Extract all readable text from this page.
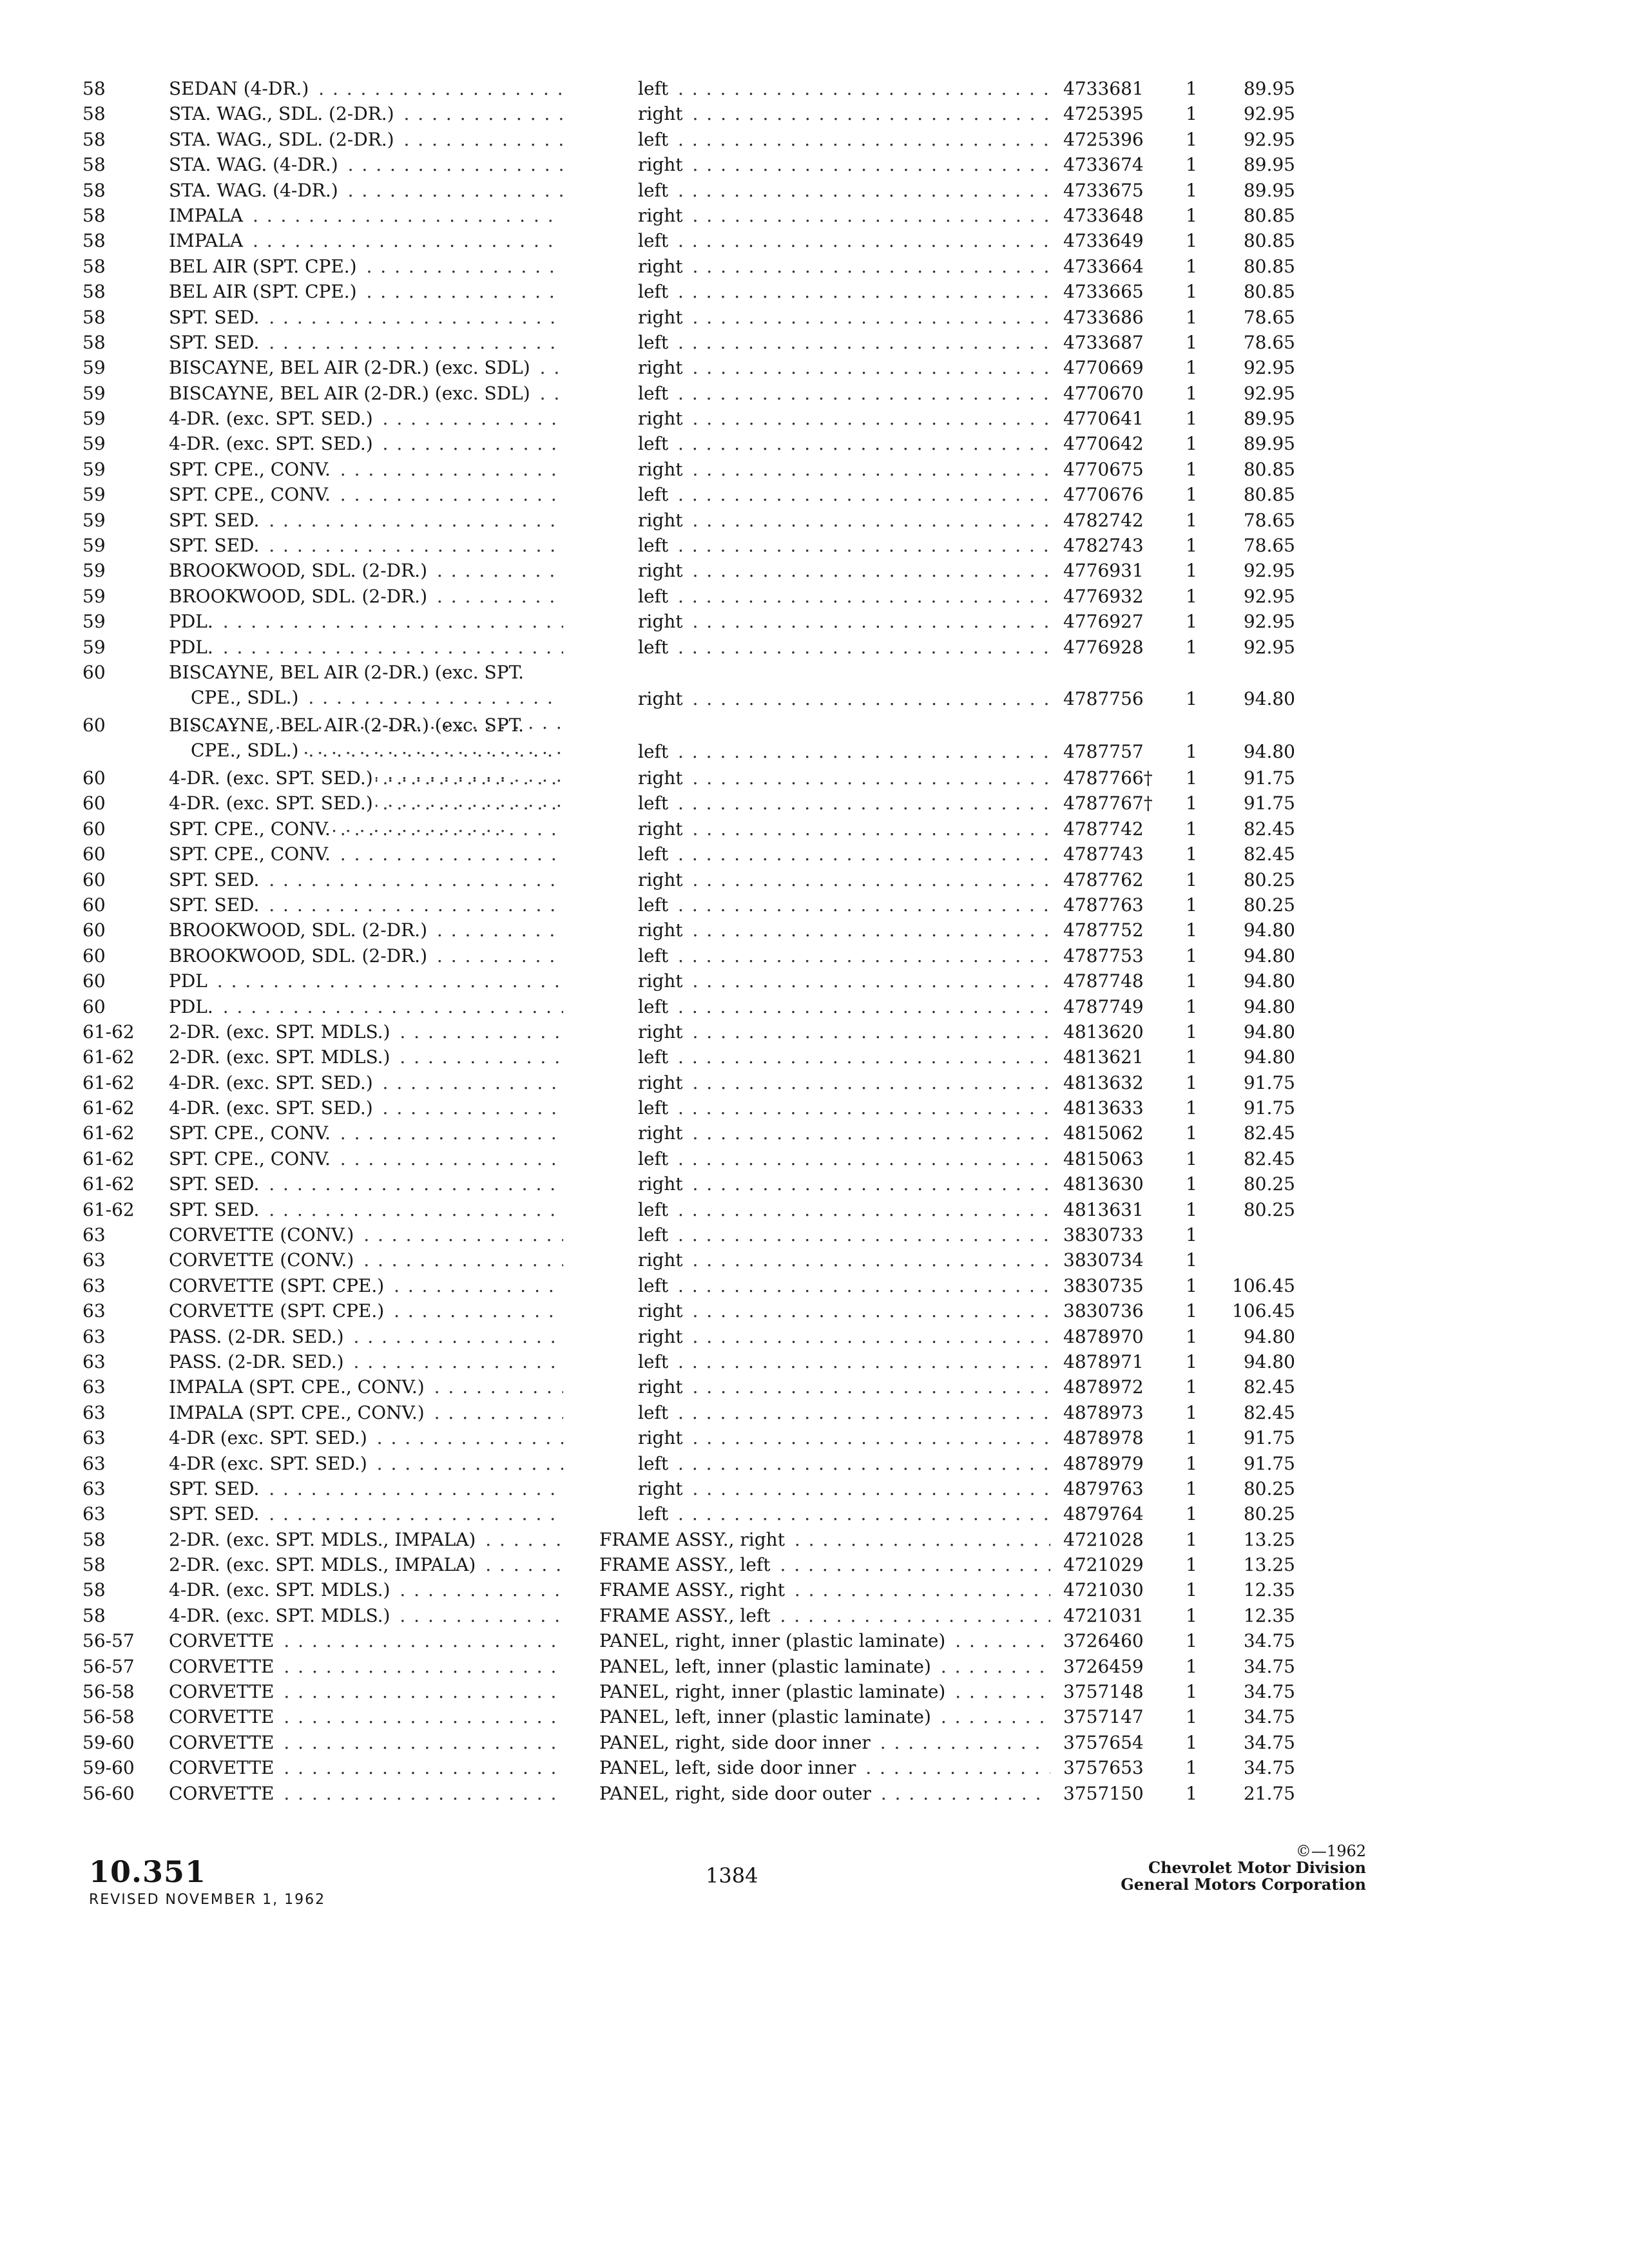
58	SEDAN (4-DR.) . . .	left . . .	4733681	1	89.95
58	STA. WAG., SDL. (2-DR.) . . .	right . . .	4725395	1	92.95
58	STA. WAG., SDL. (2-DR.) . . .	left . . .	4725396	1	92.95
58	STA. WAG. (4-DR.) . . .	right . . .	4733674	1	89.95
58	STA. WAG. (4-DR.) . . .	left . . .	4733675	1	89.95
58	IMPALA . . .	right . . .	4733648	1	80.85
58	IMPALA . . .	left . . .	4733649	1	80.85
58	BEL AIR (SPT. CPE.) . . .	right . . .	4733664	1	80.85
58	BEL AIR (SPT. CPE.) . . .	left . . .	4733665	1	80.85
58	SPT. SED. . . .	right . . .	4733686	1	78.65
58	SPT. SED. . . .	left . . .	4733687	1	78.65
59	BISCAYNE, BEL AIR (2-DR.) (exc. SDL) . . .	right . . .	4770669	1	92.95
59	BISCAYNE, BEL AIR (2-DR.) (exc. SDL) . . .	left . . .	4770670	1	92.95
59	4-DR. (exc. SPT. SED.) . . .	right . . .	4770641	1	89.95
59	4-DR. (exc. SPT. SED.) . . .	left . . .	4770642	1	89.95
59	SPT. CPE., CONV. . . .	right . . .	4770675	1	80.85
59	SPT. CPE., CONV. . . .	left . . .	4770676	1	80.85
59	SPT. SED. . . .	right . . .	4782742	1	78.65
59	SPT. SED. . . .	left . . .	4782743	1	78.65
59	BROOKWOOD, SDL. (2-DR.) . . .	right . . .	4776931	1	92.95
59	BROOKWOOD, SDL. (2-DR.) . . .	left . . .	4776932	1	92.95
59	PDL. . . .	right . . .	4776927	1	92.95
59	PDL. . . .	left . . .	4776928	1	92.95
60	BISCAYNE, BEL AIR (2-DR.) (exc. SPT.
CPE., SDL.) . . .	right . . .	4787756	1	94.80
60	BISCAYNE, BEL AIR (2-DR.) (exc. SPT.
CPE., SDL.) . . .	left . . .	4787757	1	94.80
60	4-DR. (exc. SPT. SED.) . . .	right . . .	4787766†	1	91.75
60	4-DR. (exc. SPT. SED.) . . .	left . . .	4787767†	1	91.75
60	SPT. CPE., CONV. . . .	right . . .	4787742	1	82.45
60	SPT. CPE., CONV. . . .	left . . .	4787743	1	82.45
60	SPT. SED. . . .	right . . .	4787762	1	80.25
60	SPT. SED. . . .	left . . .	4787763	1	80.25
60	BROOKWOOD, SDL. (2-DR.) . . .	right . . .	4787752	1	94.80
60	BROOKWOOD, SDL. (2-DR.) . . .	left . . .	4787753	1	94.80
60	PDL . . .	right . . .	4787748	1	94.80
60	PDL. . . .	left . . .	4787749	1	94.80
61-62	2-DR. (exc. SPT. MDLS.) . . .	right . . .	4813620	1	94.80
61-62	2-DR. (exc. SPT. MDLS.) . . .	left . . .	4813621	1	94.80
61-62	4-DR. (exc. SPT. SED.) . . .	right . . .	4813632	1	91.75
61-62	4-DR. (exc. SPT. SED.) . . .	left . . .	4813633	1	91.75
61-62	SPT. CPE., CONV. . . .	right . . .	4815062	1	82.45
61-62	SPT. CPE., CONV. . . .	left . . .	4815063	1	82.45
61-62	SPT. SED. . . .	right . . .	4813630	1	80.25
61-62	SPT. SED. . . .	left . . .	4813631	1	80.25
63	CORVETTE (CONV.) . . .	left . . .	3830733	1
63	CORVETTE (CONV.) . . .	right . . .	3830734	1
63	CORVETTE (SPT. CPE.) . . .	left . . .	3830735	1	106.45
63	CORVETTE (SPT. CPE.) . . .	right . . .	3830736	1	106.45
63	PASS. (2-DR. SED.) . . .	right . . .	4878970	1	94.80
63	PASS. (2-DR. SED.) . . .	left . . .	4878971	1	94.80
63	IMPALA (SPT. CPE., CONV.) . . .	right . . .	4878972	1	82.45
63	IMPALA (SPT. CPE., CONV.) . . .	left . . .	4878973	1	82.45
63	4-DR (exc. SPT. SED.) . . .	right . . .	4878978	1	91.75
63	4-DR (exc. SPT. SED.) . . .	left . . .	4878979	1	91.75
63	SPT. SED. . . .	right . . .	4879763	1	80.25
63	SPT. SED. . . .	left . . .	4879764	1	80.25
58	2-DR. (exc. SPT. MDLS., IMPALA) . . .	FRAME ASSY., right . . .	4721028	1	13.25
58	2-DR. (exc. SPT. MDLS., IMPALA) . . .	FRAME ASSY., left . . .	4721029	1	13.25
58	4-DR. (exc. SPT. MDLS.) . . .	FRAME ASSY., right . . .	4721030	1	12.35
58	4-DR. (exc. SPT. MDLS.) . . .	FRAME ASSY., left . . .	4721031	1	12.35
56-57	CORVETTE . . .	PANEL, right, inner (plastic laminate) . . .	3726460	1	34.75
56-57	CORVETTE . . .	PANEL, left, inner (plastic laminate) . . .	3726459	1	34.75
56-58	CORVETTE . . .	PANEL, right, inner (plastic laminate) . . .	3757148	1	34.75
56-58	CORVETTE . . .	PANEL, left, inner (plastic laminate) . . .	3757147	1	34.75
59-60	CORVETTE . . .	PANEL, right, side door inner . . .	3757654	1	34.75
59-60	CORVETTE . . .	PANEL, left, side door inner . . .	3757653	1	34.75
56-60	CORVETTE . . .	PANEL, right, side door outer . . .	3757150	1	21.75
10.351
REVISED NOVEMBER 1, 1962
1384
©—1962
Chevrolet Motor Division
General Motors Corporation
